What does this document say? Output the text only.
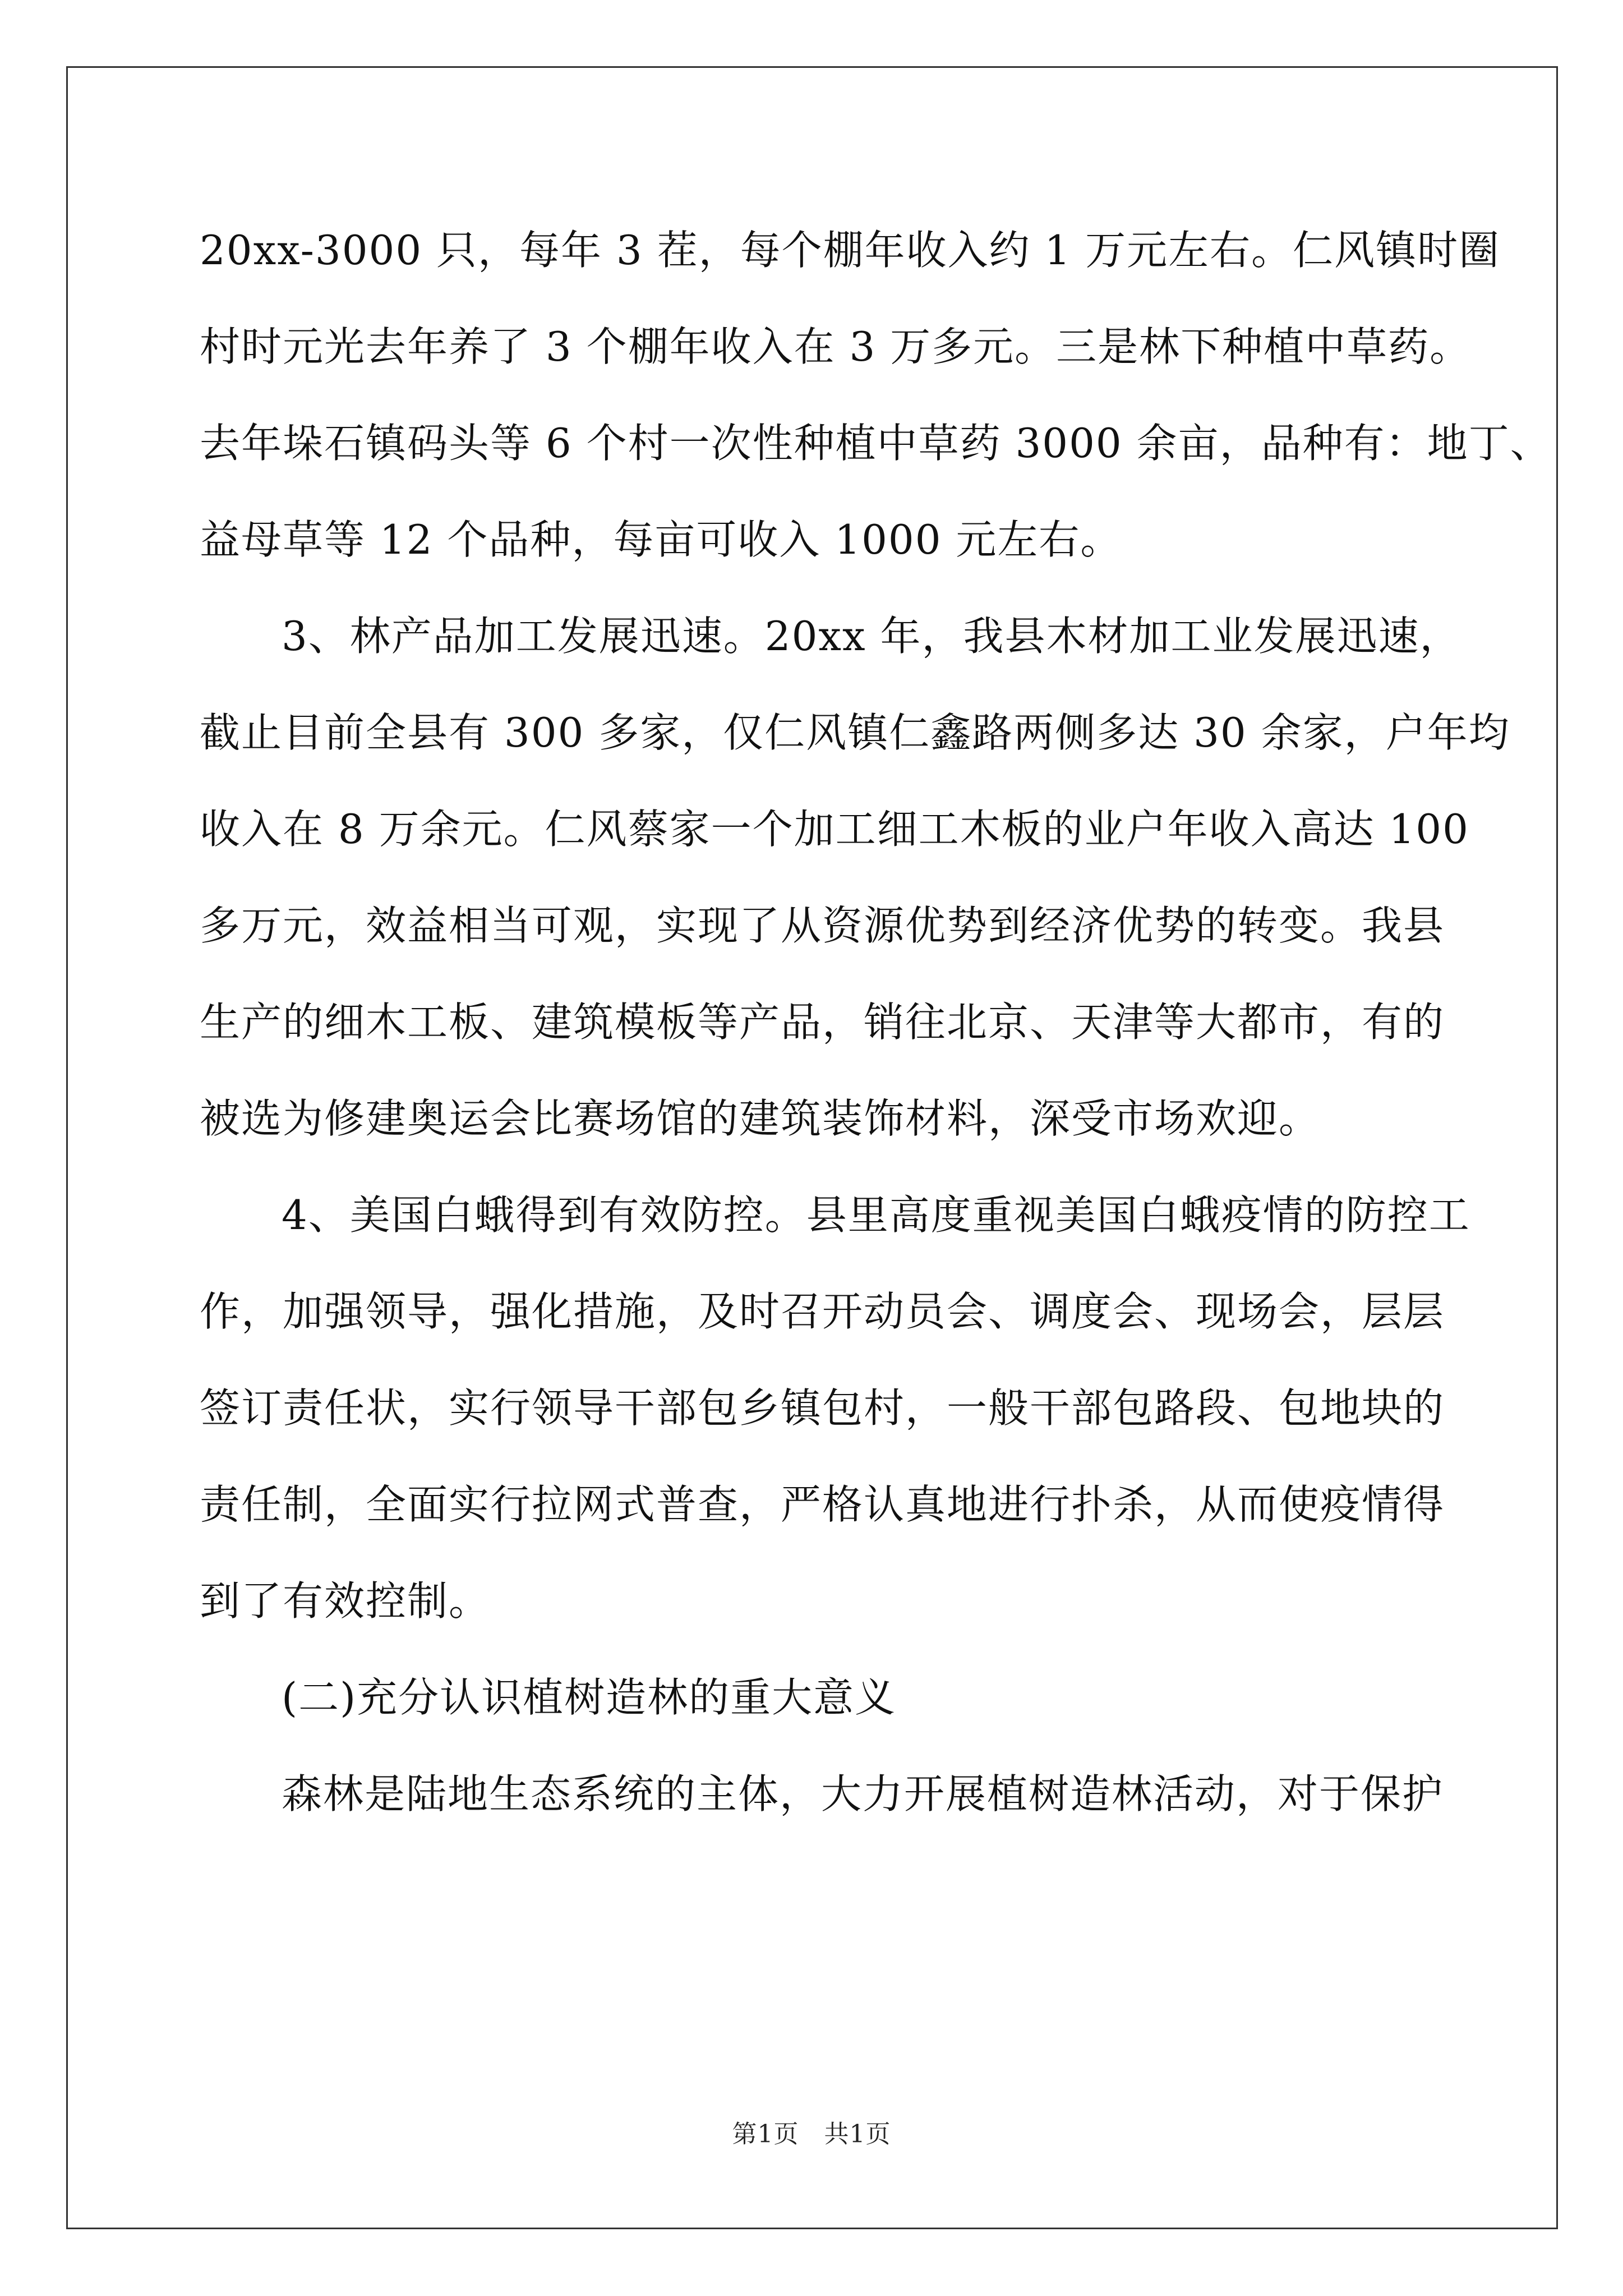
20xx-3000 只，每年 3 茬，每个棚年收入约 1 万元左右。仁风镇时圈
村时元光去年养了 3 个棚年收入在 3 万多元。三是林下种植中草药。
去年垛石镇码头等 6 个村一次性种植中草药 3000 余亩，品种有：地丁、
益母草等 12 个品种，每亩可收入 1000 元左右。
3、林产品加工发展迅速。20xx 年，我县木材加工业发展迅速，
截止目前全县有 300 多家，仅仁风镇仁鑫路两侧多达 30 余家，户年均
收入在 8 万余元。仁风蔡家一个加工细工木板的业户年收入高达 100
多万元，效益相当可观，实现了从资源优势到经济优势的转变。我县
生产的细木工板、建筑模板等产品，销往北京、天津等大都市，有的
被选为修建奥运会比赛场馆的建筑装饰材料，深受市场欢迎。
4、美国白蛾得到有效防控。县里高度重视美国白蛾疫情的防控工
作，加强领导，强化措施，及时召开动员会、调度会、现场会，层层
签订责任状，实行领导干部包乡镇包村，一般干部包路段、包地块的
责任制，全面实行拉网式普查，严格认真地进行扑杀，从而使疫情得
到了有效控制。
(二)充分认识植树造林的重大意义
森林是陆地生态系统的主体，大力开展植树造林活动，对于保护
第1页　共1页
